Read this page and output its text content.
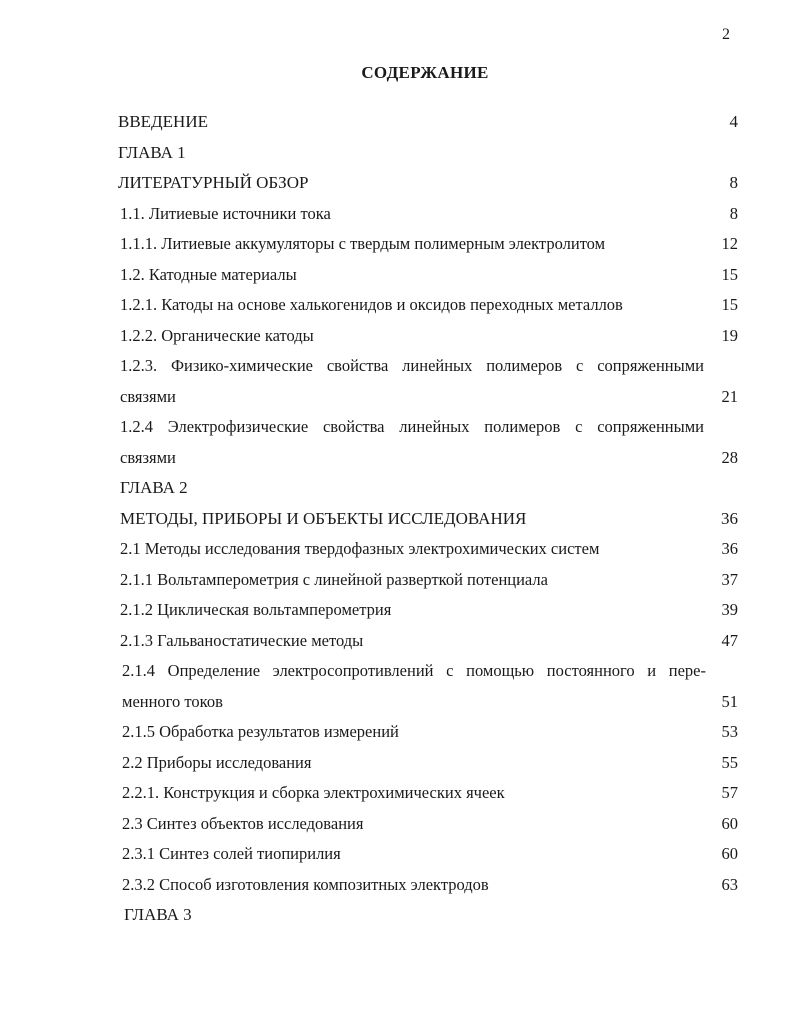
2
СОДЕРЖАНИЕ
ВВЕДЕНИЕ	4
ГЛАВА 1
ЛИТЕРАТУРНЫЙ ОБЗОР	8
1.1. Литиевые источники тока	8
1.1.1. Литиевые аккумуляторы с твердым полимерным электролитом	12
1.2. Катодные материалы	15
1.2.1. Катоды на основе халькогенидов и оксидов переходных металлов	15
1.2.2. Органические катоды	19
1.2.3. Физико-химические свойства линейных полимеров с сопряженными
связями	21
1.2.4 Электрофизические свойства линейных полимеров с сопряженными
связями	28
ГЛАВА 2
МЕТОДЫ, ПРИБОРЫ И ОБЪЕКТЫ ИССЛЕДОВАНИЯ	36
2.1 Методы исследования твердофазных электрохимических систем	36
2.1.1 Вольтамперометрия с линейной разверткой потенциала	37
2.1.2 Циклическая вольтамперометрия	39
2.1.3 Гальваностатические методы	47
2.1.4 Определение электросопротивлений с помощью постоянного и пере-
менного токов	51
2.1.5 Обработка результатов измерений	53
2.2 Приборы исследования	55
2.2.1. Конструкция и сборка электрохимических ячеек	57
2.3 Синтез объектов исследования	60
2.3.1 Синтез солей тиопирилия	60
2.3.2 Способ изготовления композитных электродов	63
ГЛАВА 3
